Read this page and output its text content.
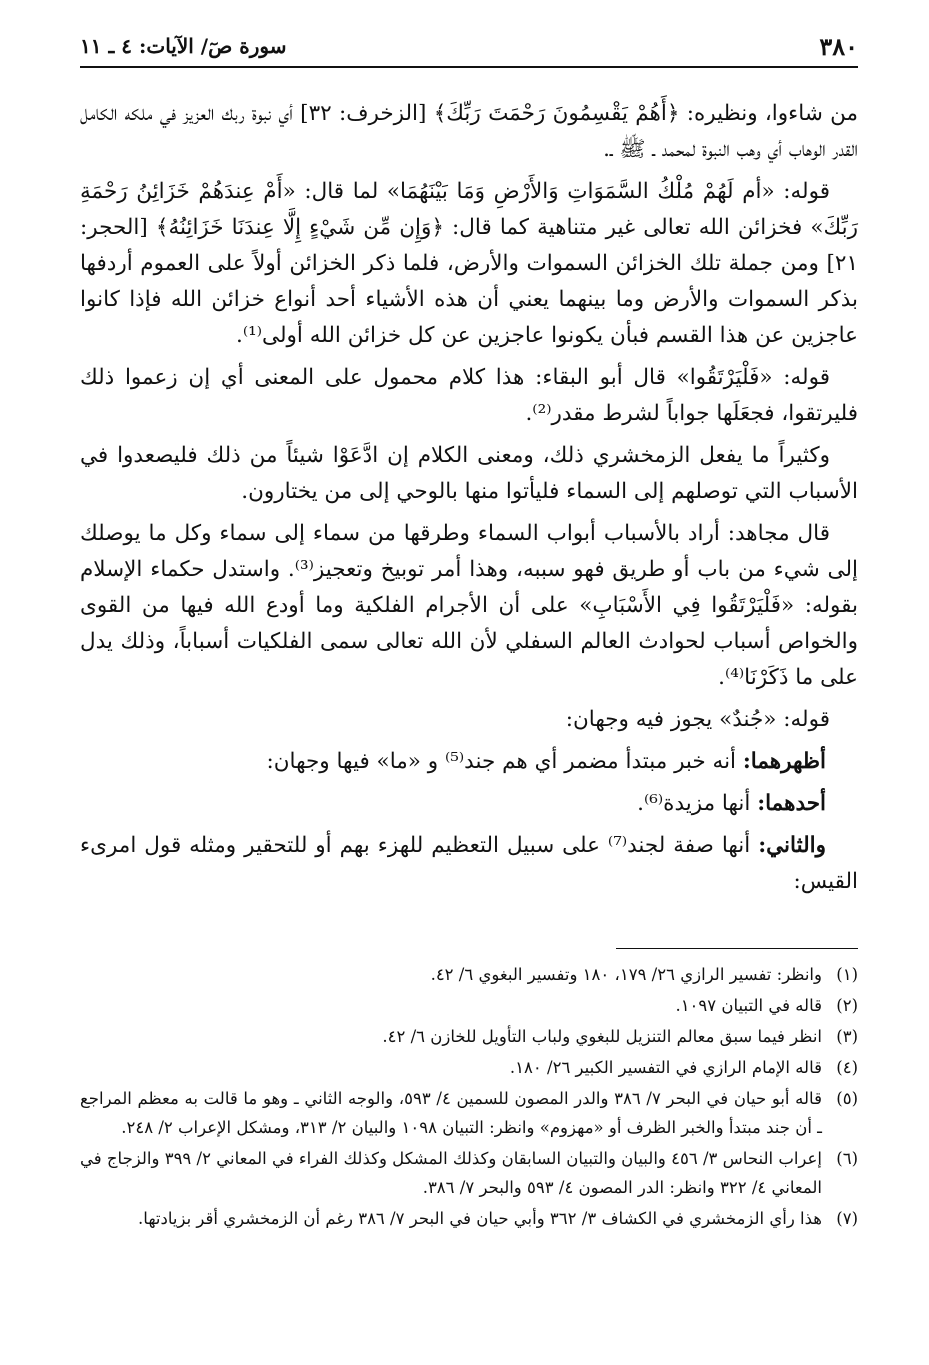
٣٨٠
سورة صٓ/ الآيات: ٤ ـ ١١

من شاءوا، ونظيره: ﴿أَهُمْ يَقْسِمُونَ رَحْمَتَ رَبِّكَ﴾ [الزخرف: ٣٢] أي نبوة ربك العزيز في ملكه الكامل القدر الوهاب أي وهب النبوة لمحمد ـ ﷺ ـ.

قوله: «أم لَهُمْ مُلْكُ السَّمَوَاتِ وَالأَرْضِ وَمَا بَيْنَهُمَا» لما قال: «أَمْ عِندَهُمْ خَزَائِنُ رَحْمَةِ رَبِّكَ» فخزائن الله تعالى غير متناهية كما قال: ﴿وَإِن مِّن شَيْءٍ إِلَّا عِندَنَا خَزَائِنُهُ﴾ [الحجر: ٢١] ومن جملة تلك الخزائن السموات والأرض، فلما ذكر الخزائن أولاً على العموم أردفها بذكر السموات والأرض وما بينهما يعني أن هذه الأشياء أحد أنواع خزائن الله فإذا كانوا عاجزين عن هذا القسم فبأن يكونوا عاجزين عن كل خزائن الله أولى⁽¹⁾.

قوله: «فَلْيَرْتَقُوا» قال أبو البقاء: هذا كلام محمول على المعنى أي إن زعموا ذلك فليرتقوا، فجعَلَها جواباً لشرط مقدر⁽²⁾.

وكثيراً ما يفعل الزمخشري ذلك، ومعنى الكلام إن ادَّعَوْا شيئاً من ذلك فليصعدوا في الأسباب التي توصلهم إلى السماء فليأتوا منها بالوحي إلى من يختارون.

قال مجاهد: أراد بالأسباب أبواب السماء وطرقها من سماء إلى سماء وكل ما يوصلك إلى شيء من باب أو طريق فهو سببه، وهذا أمر توبيخ وتعجيز⁽³⁾. واستدل حكماء الإسلام بقوله: «فَلْيَرْتَقُوا فِي الأَسْبَابِ» على أن الأجرام الفلكية وما أودع الله فيها من القوى والخواص أسباب لحوادث العالم السفلي لأن الله تعالى سمى الفلكيات أسباباً، وذلك يدل على ما ذَكَرْنَا⁽⁴⁾.

قوله: «جُندٌ» يجوز فيه وجهان:

أظهرهما: أنه خبر مبتدأ مضمر أي هم جند⁽⁵⁾ و «ما» فيها وجهان:

أحدهما: أنها مزيدة⁽⁶⁾.

والثاني: أنها صفة لجند⁽⁷⁾ على سبيل التعظيم للهزء بهم أو للتحقير ومثله قول امرىء القيس:

(١)
وانظر: تفسير الرازي ٢٦/ ١٧٩، ١٨٠ وتفسير البغوي ٦/ ٤٢.
(٢)
قاله في التبيان ١٠٩٧.
(٣)
انظر فيما سبق معالم التنزيل للبغوي ولباب التأويل للخازن ٦/ ٤٢.
(٤)
قاله الإمام الرازي في التفسير الكبير ٢٦/ ١٨٠.
(٥)
قاله أبو حيان في البحر ٧/ ٣٨٦ والدر المصون للسمين ٤/ ٥٩٣، والوجه الثاني ـ وهو ما قالت به معظم المراجع ـ أن جند مبتدأ والخبر الظرف أو «مهزوم» وانظر: التبيان ١٠٩٨ والبيان ٢/ ٣١٣، ومشكل الإعراب ٢/ ٢٤٨.
(٦)
إعراب النحاس ٣/ ٤٥٦ والبيان والتبيان السابقان وكذلك المشكل وكذلك الفراء في المعاني ٢/ ٣٩٩ والزجاج في المعاني ٤/ ٣٢٢ وانظر: الدر المصون ٤/ ٥٩٣ والبحر ٧/ ٣٨٦.
(٧)
هذا رأي الزمخشري في الكشاف ٣/ ٣٦٢ وأبي حيان في البحر ٧/ ٣٨٦ رغم أن الزمخشري أقر بزيادتها.
